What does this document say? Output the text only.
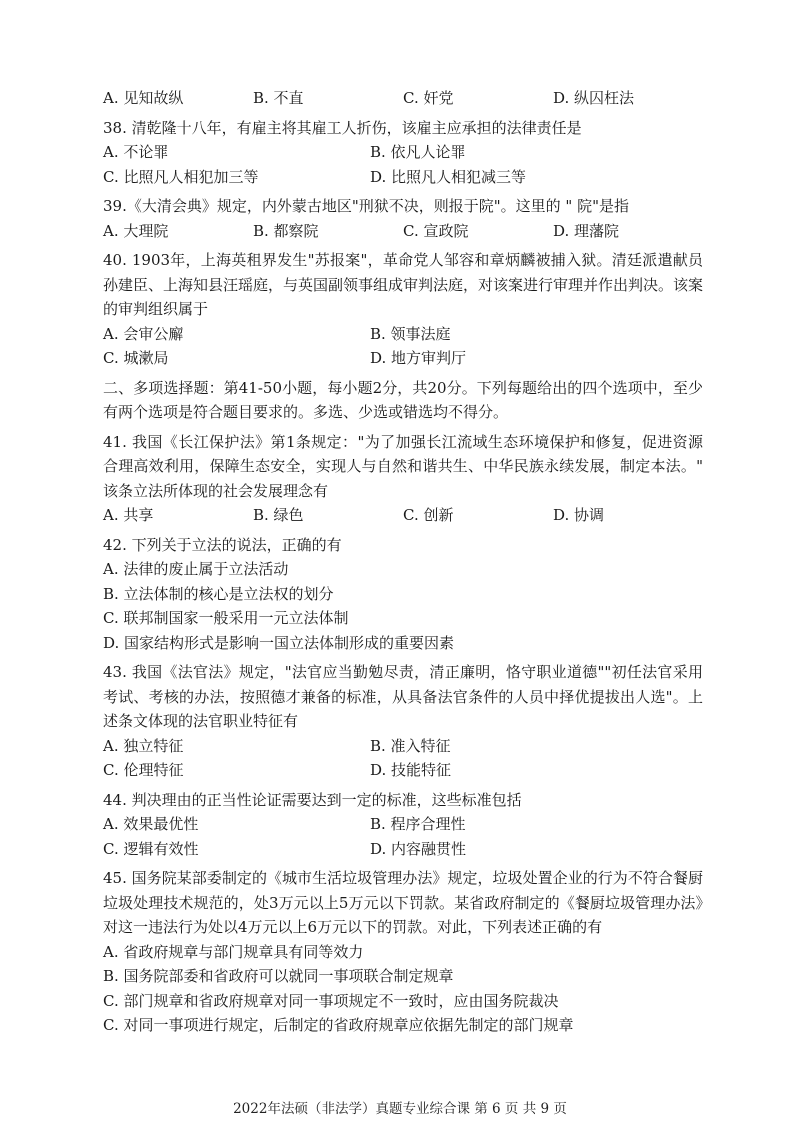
A. 见知故纵	B. 不直	C. 奸党	D. 纵囚枉法
38. 清乾隆十八年，有雇主将其雇工人折伤，该雇主应承担的法律责任是
A. 不论罪	B. 依凡人论罪
C. 比照凡人相犯加三等	D. 比照凡人相犯减三等
39.《大清会典》规定，内外蒙古地区"刑狱不决，则报于院"。这里的 " 院"是指
A. 大理院	B. 都察院	C. 宣政院	D. 理藩院
40. 1903年，上海英租界发生"苏报案"，革命党人邹容和章炳麟被捕入狱。清廷派遣献员孙建臣、上海知县汪瑶庭，与英国副领事组成审判法庭，对该案进行审理并作出判决。该案的审判组织属于
A. 会审公廨	B. 领事法庭
C. 城漱局	D. 地方审判厅
二、多项选择题：第41-50小题，每小题2分，共20分。下列每题给出的四个选项中，至少有两个选项是符合题目要求的。多选、少选或错选均不得分。
41. 我国《长江保护法》第1条规定："为了加强长江流域生态环境保护和修复，促进资源合理高效利用，保障生态安全，实现人与自然和谐共生、中华民族永续发展，制定本法。" 该条立法所体现的社会发展理念有
A. 共享	B. 绿色	C. 创新	D. 协调
42. 下列关于立法的说法，正确的有
A. 法律的废止属于立法活动
B. 立法体制的核心是立法权的划分
C. 联邦制国家一般采用一元立法体制
D. 国家结构形式是影响一国立法体制形成的重要因素
43. 我国《法官法》规定，"法官应当勤勉尽责，清正廉明，恪守职业道德""初任法官采用考试、考核的办法，按照德才兼备的标准，从具备法官条件的人员中择优提拔出人选"。上述条文体现的法官职业特征有
A. 独立特征	B. 准入特征
C. 伦理特征	D. 技能特征
44. 判决理由的正当性论证需要达到一定的标准，这些标准包括
A. 效果最优性	B. 程序合理性
C. 逻辑有效性	D. 内容融贯性
45. 国务院某部委制定的《城市生活垃圾管理办法》规定，垃圾处置企业的行为不符合餐厨垃圾处理技术规范的，处3万元以上5万元以下罚款。某省政府制定的《餐厨垃圾管理办法》对这一违法行为处以4万元以上6万元以下的罚款。对此，下列表述正确的有
A. 省政府规章与部门规章具有同等效力
B. 国务院部委和省政府可以就同一事项联合制定规章
C. 部门规章和省政府规章对同一事项规定不一致时，应由国务院裁决
C. 对同一事项进行规定，后制定的省政府规章应依据先制定的部门规章
2022年法硕（非法学）真题专业综合课 第 6 页 共 9 页
